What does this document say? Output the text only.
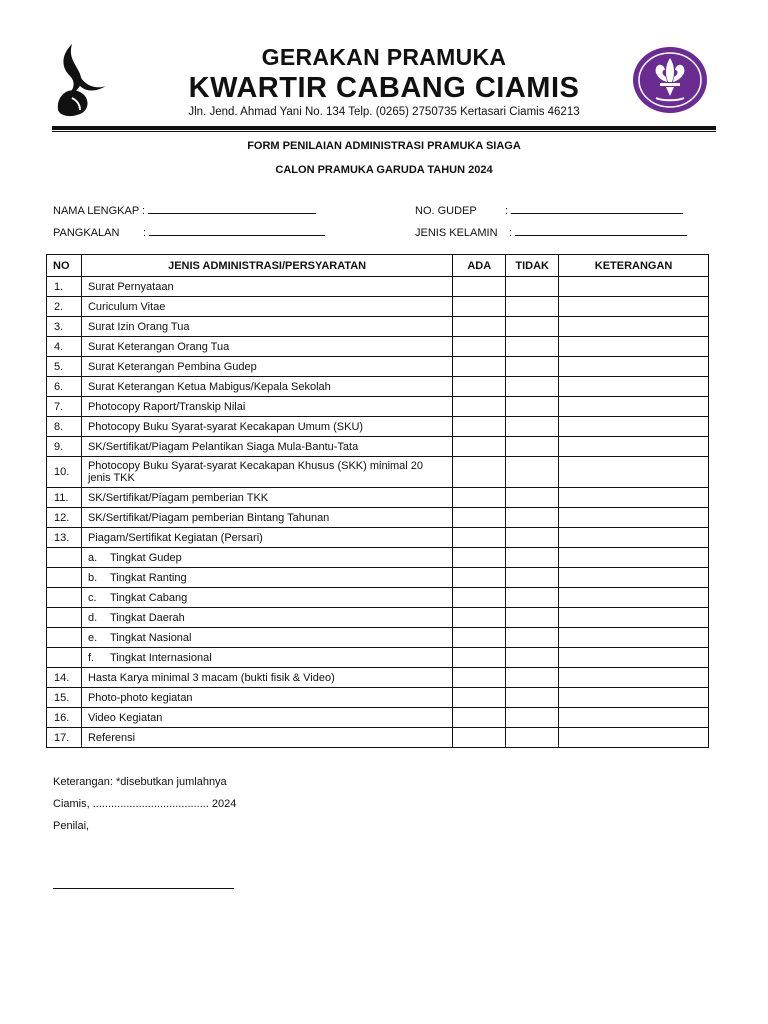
GERAKAN PRAMUKA
KWARTIR CABANG CIAMIS
Jln. Jend. Ahmad Yani No. 134 Telp. (0265) 2750735 Kertasari Ciamis 46213
FORM PENILAIAN ADMINISTRASI PRAMUKA SIAGA
CALON PRAMUKA GARUDA TAHUN 2024
NAMA LENGKAP :
PANGKALAN :
NO. GUDEP	:
JENIS KELAMIN :
NO	JENIS ADMINISTRASI/PERSYARATAN	ADA	TIDAK	KETERANGAN
1.	Surat Pernyataan			
2.	Curiculum Vitae			
3.	Surat Izin Orang Tua			
4.	Surat Keterangan Orang Tua			
5.	Surat Keterangan Pembina Gudep			
6.	Surat Keterangan Ketua Mabigus/Kepala Sekolah			
7.	Photocopy Raport/Transkip Nilai			
8.	Photocopy Buku Syarat-syarat Kecakapan Umum (SKU)			
9.	SK/Sertifikat/Piagam Pelantikan Siaga Mula-Bantu-Tata			
10.	Photocopy Buku Syarat-syarat Kecakapan Khusus (SKK) minimal 20 jenis TKK			
11.	SK/Sertifikat/Piagam pemberian TKK			
12.	SK/Sertifikat/Piagam pemberian Bintang Tahunan			
13.	Piagam/Sertifikat Kegiatan (Persari)			
	a. Tingkat Gudep			
	b. Tingkat Ranting			
	c. Tingkat Cabang			
	d. Tingkat Daerah			
	e. Tingkat Nasional			
	f. Tingkat Internasional			
14.	Hasta Karya minimal 3 macam (bukti fisik & Video)			
15.	Photo-photo kegiatan			
16.	Video Kegiatan			
17.	Referensi			
Keterangan: *disebutkan jumlahnya
Ciamis, ...................................... 2024
Penilai,
